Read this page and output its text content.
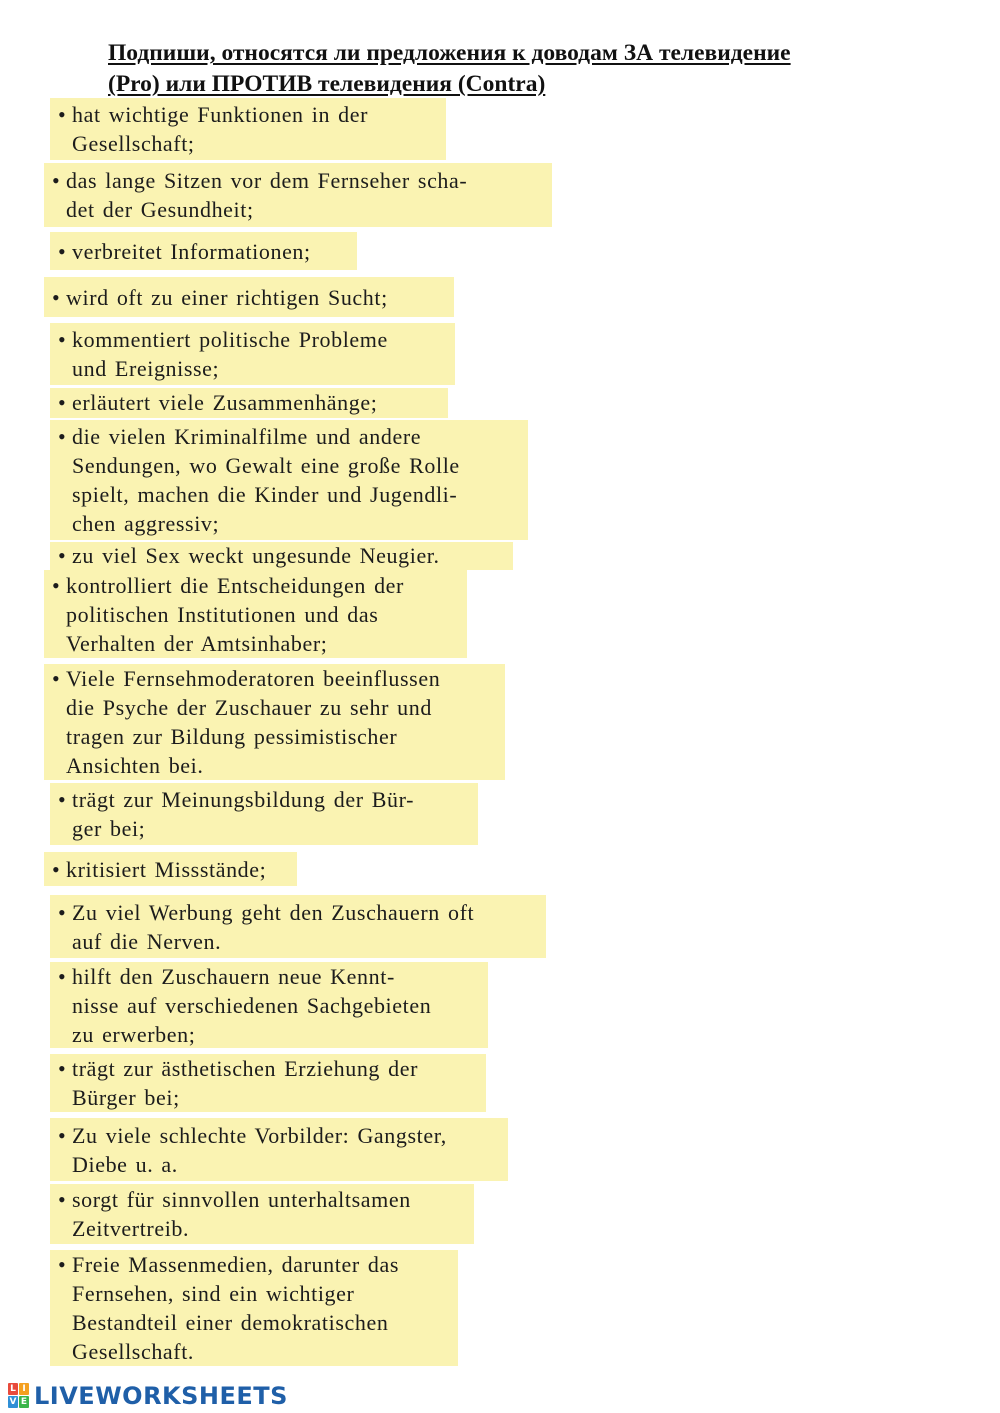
Подпиши, относятся ли предложения к доводам ЗА телевидение
(Pro) или ПРОТИВ телевидения (Contra)
• hat wichtige Funktionen in der
Gesellschaft;
• das lange Sitzen vor dem Fernseher scha-
det der Gesundheit;
• verbreitet Informationen;
• wird oft zu einer richtigen Sucht;
• kommentiert politische Probleme
und Ereignisse;
• erläutert viele Zusammenhänge;
• die vielen Kriminalfilme und andere
Sendungen, wo Gewalt eine große Rolle
spielt, machen die Kinder und Jugendli-
chen aggressiv;
• zu viel Sex weckt ungesunde Neugier.
• kontrolliert die Entscheidungen der
politischen Institutionen und das
Verhalten der Amtsinhaber;
• Viele Fernsehmoderatoren beeinflussen
die Psyche der Zuschauer zu sehr und
tragen zur Bildung pessimistischer
Ansichten bei.
• trägt zur Meinungsbildung der Bür-
ger bei;
• kritisiert Missstände;
• Zu viel Werbung geht den Zuschauern oft
auf die Nerven.
• hilft den Zuschauern neue Kennt-
nisse auf verschiedenen Sachgebieten
zu erwerben;
• trägt zur ästhetischen Erziehung der
Bürger bei;
• Zu viele schlechte Vorbilder: Gangster,
Diebe u. a.
• sorgt für sinnvollen unterhaltsamen
Zeitvertreib.
• Freie Massenmedien, darunter das
Fernsehen, sind ein wichtiger
Bestandteil einer demokratischen
Gesellschaft.
L I
V E LIVEWORKSHEETS
